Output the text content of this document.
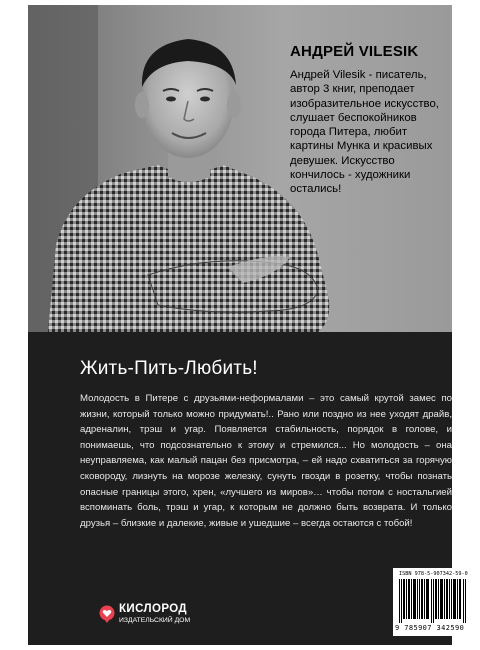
АНДРЕЙ VILESIK
Андрей Vilesik - писатель, автор 3 книг, преподает изобразительное искусство, слушает беспокойников города Питера, любит картины Мунка и красивых девушек. Искусство кончилось - художники остались!
Жить-Пить-Любить!
Молодость в Питере с друзьями-неформалами – это самый крутой замес по жизни, который только можно придумать!.. Рано или поздно из нее уходят драйв, адреналин, трэш и угар. Появляется стабильность, порядок в голове, и понимаешь, что подсознательно к этому и стремился... Но молодость – она неуправляема, как малый пацан без присмотра, – ей надо схватиться за горячую сковороду, лизнуть на морозе железку, сунуть гвозди в розетку, чтобы познать опасные границы этого, хрен, «лучшего из миров»… чтобы потом с ностальгией вспоминать боль, трэш и угар, к которым не должно быть возврата. И только друзья – близкие и далекие, живые и ушедшие – всегда остаются с тобой!
ISBN 978-5-907342-59-0
9 785907 342590
КИСЛОРОД
ИЗДАТЕЛЬСКИЙ ДОМ
